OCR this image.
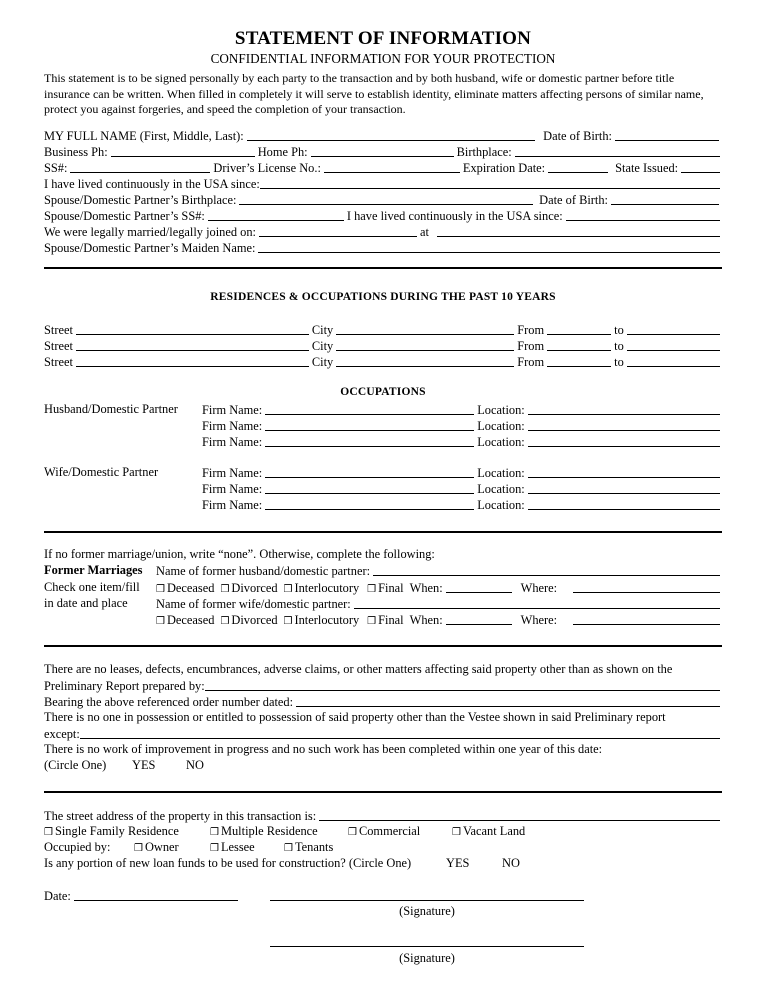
STATEMENT OF INFORMATION
CONFIDENTIAL INFORMATION FOR YOUR PROTECTION
This statement is to be signed personally by each party to the transaction and by both husband, wife or domestic partner before title insurance can be written. When filled in completely it will serve to establish identity, eliminate matters affecting persons of similar name, protect you against forgeries, and speed the completion of your transaction.
MY FULL NAME (First, Middle, Last):	Date of Birth:
Business Ph:	Home Ph:	Birthplace:
SS#:	Driver’s License No.:	Expiration Date:	State Issued:
I have lived continuously in the USA since:
Spouse/Domestic Partner’s Birthplace:	Date of Birth:
Spouse/Domestic Partner’s SS#:	I have lived continuously in the USA since:
We were legally married/legally joined on:	at
Spouse/Domestic Partner’s Maiden Name:
RESIDENCES & OCCUPATIONS DURING THE PAST 10 YEARS
Street	City	From	to
Street	City	From	to
Street	City	From	to
OCCUPATIONS
Husband/Domestic Partner Firm Name:	Location:
Firm Name:	Location:
Firm Name:	Location:
Wife/Domestic Partner	Firm Name:	Location:
Firm Name:	Location:
Firm Name:	Location:
If no former marriage/union, write “none”. Otherwise, complete the following:
Former Marriages
Check one item/fill
in date and place
Name of former husband/domestic partner:
❒ Deceased ❒ Divorced ❒ Interlocutory ❒ Final When:	Where:
Name of former wife/domestic partner:
❒ Deceased ❒ Divorced ❒ Interlocutory ❒ Final When:	Where:
There are no leases, defects, encumbrances, adverse claims, or other matters affecting said property other than as shown on the
Preliminary Report prepared by:
Bearing the above referenced order number dated:
There is no one in possession or entitled to possession of said property other than the Vestee shown in said Preliminary report
except:
There is no work of improvement in progress and no such work has been completed within one year of this date:
(Circle One) YES NO
The street address of the property in this transaction is:
❒ Single Family Residence	❒ Multiple Residence	❒ Commercial	❒ Vacant Land
Occupied by: ❒ Owner	❒ Lessee	❒ Tenants
Is any portion of new loan funds to be used for construction? (Circle One)	YES	NO
Date:
(Signature)
(Signature)
